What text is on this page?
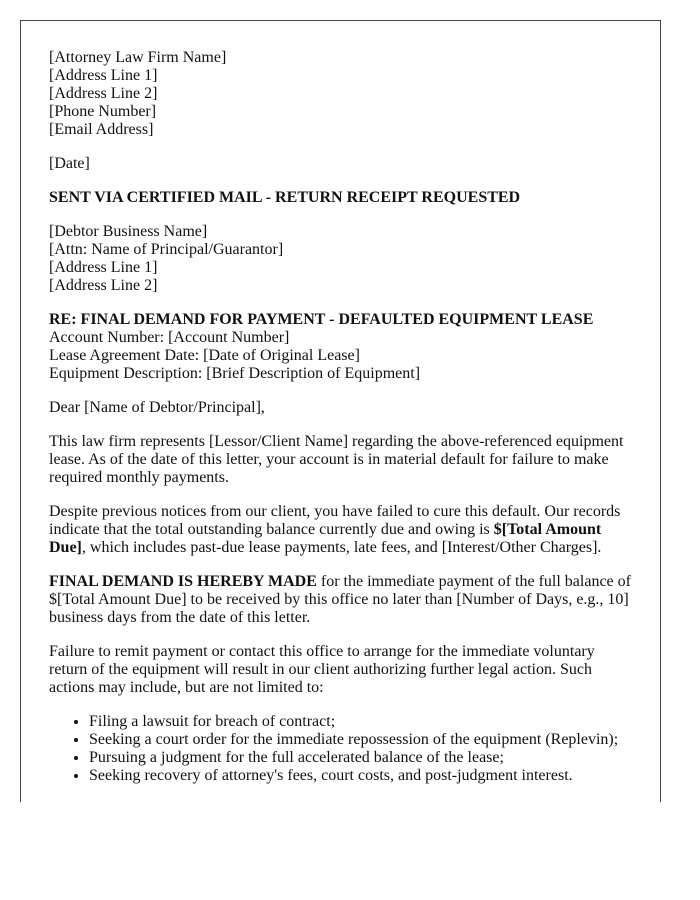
[Attorney Law Firm Name]
[Address Line 1]
[Address Line 2]
[Phone Number]
[Email Address]

[Date]

SENT VIA CERTIFIED MAIL - RETURN RECEIPT REQUESTED

[Debtor Business Name]
[Attn: Name of Principal/Guarantor]
[Address Line 1]
[Address Line 2]

RE: FINAL DEMAND FOR PAYMENT - DEFAULTED EQUIPMENT LEASE
Account Number: [Account Number]
Lease Agreement Date: [Date of Original Lease]
Equipment Description: [Brief Description of Equipment]

Dear [Name of Debtor/Principal],

This law firm represents [Lessor/Client Name] regarding the above-referenced equipment lease. As of the date of this letter, your account is in material default for failure to make required monthly payments.

Despite previous notices from our client, you have failed to cure this default. Our records indicate that the total outstanding balance currently due and owing is $[Total Amount Due], which includes past-due lease payments, late fees, and [Interest/Other Charges].

FINAL DEMAND IS HEREBY MADE for the immediate payment of the full balance of $[Total Amount Due] to be received by this office no later than [Number of Days, e.g., 10] business days from the date of this letter.

Failure to remit payment or contact this office to arrange for the immediate voluntary return of the equipment will result in our client authorizing further legal action. Such actions may include, but are not limited to:

• Filing a lawsuit for breach of contract;
• Seeking a court order for the immediate repossession of the equipment (Replevin);
• Pursuing a judgment for the full accelerated balance of the lease;
• Seeking recovery of attorney's fees, court costs, and post-judgment interest.
